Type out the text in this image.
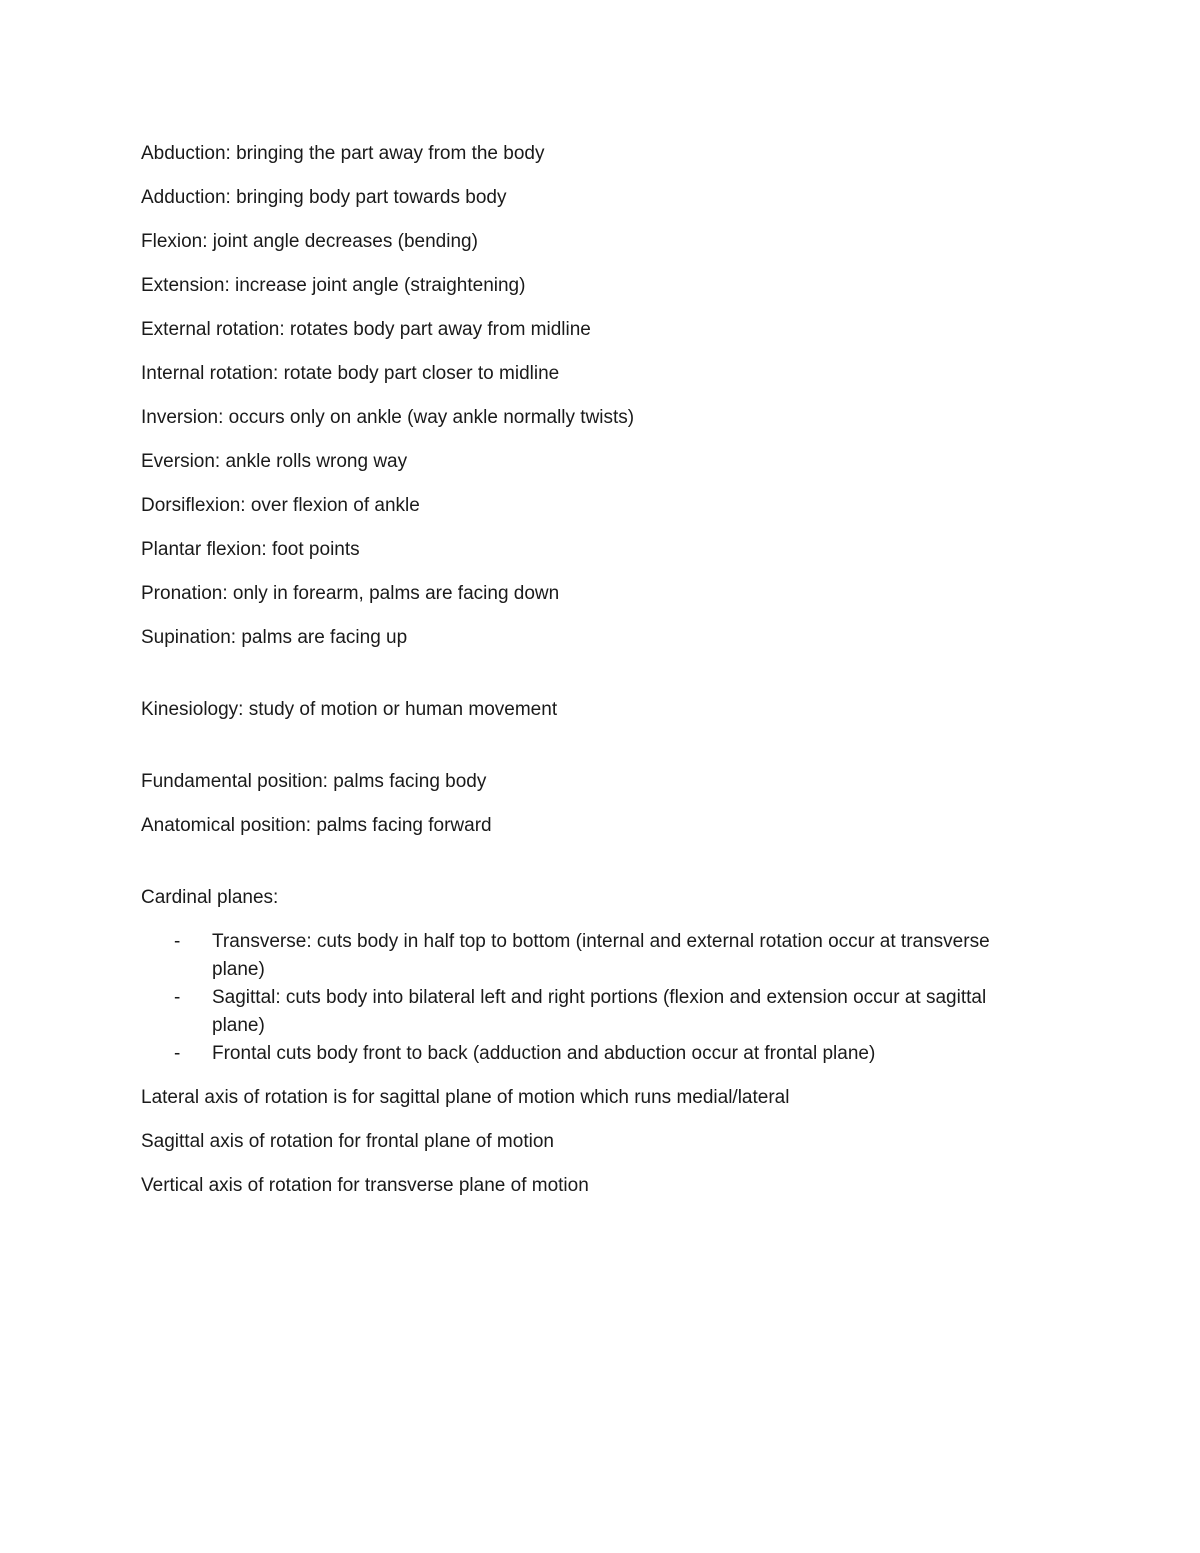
Abduction: bringing the part away from the body

Adduction: bringing body part towards body

Flexion: joint angle decreases (bending)

Extension: increase joint angle (straightening)

External rotation: rotates body part away from midline

Internal rotation: rotate body part closer to midline

Inversion: occurs only on ankle (way ankle normally twists)

Eversion: ankle rolls wrong way

Dorsiflexion: over flexion of ankle

Plantar flexion: foot points

Pronation: only in forearm, palms are facing down

Supination: palms are facing up

Kinesiology: study of motion or human movement

Fundamental position: palms facing body

Anatomical position: palms facing forward

Cardinal planes:

- Transverse: cuts body in half top to bottom (internal and external rotation occur at transverse plane)
- Sagittal: cuts body into bilateral left and right portions (flexion and extension occur at sagittal plane)
- Frontal cuts body front to back (adduction and abduction occur at frontal plane)

Lateral axis of rotation is for sagittal plane of motion which runs medial/lateral

Sagittal axis of rotation for frontal plane of motion

Vertical axis of rotation for transverse plane of motion
